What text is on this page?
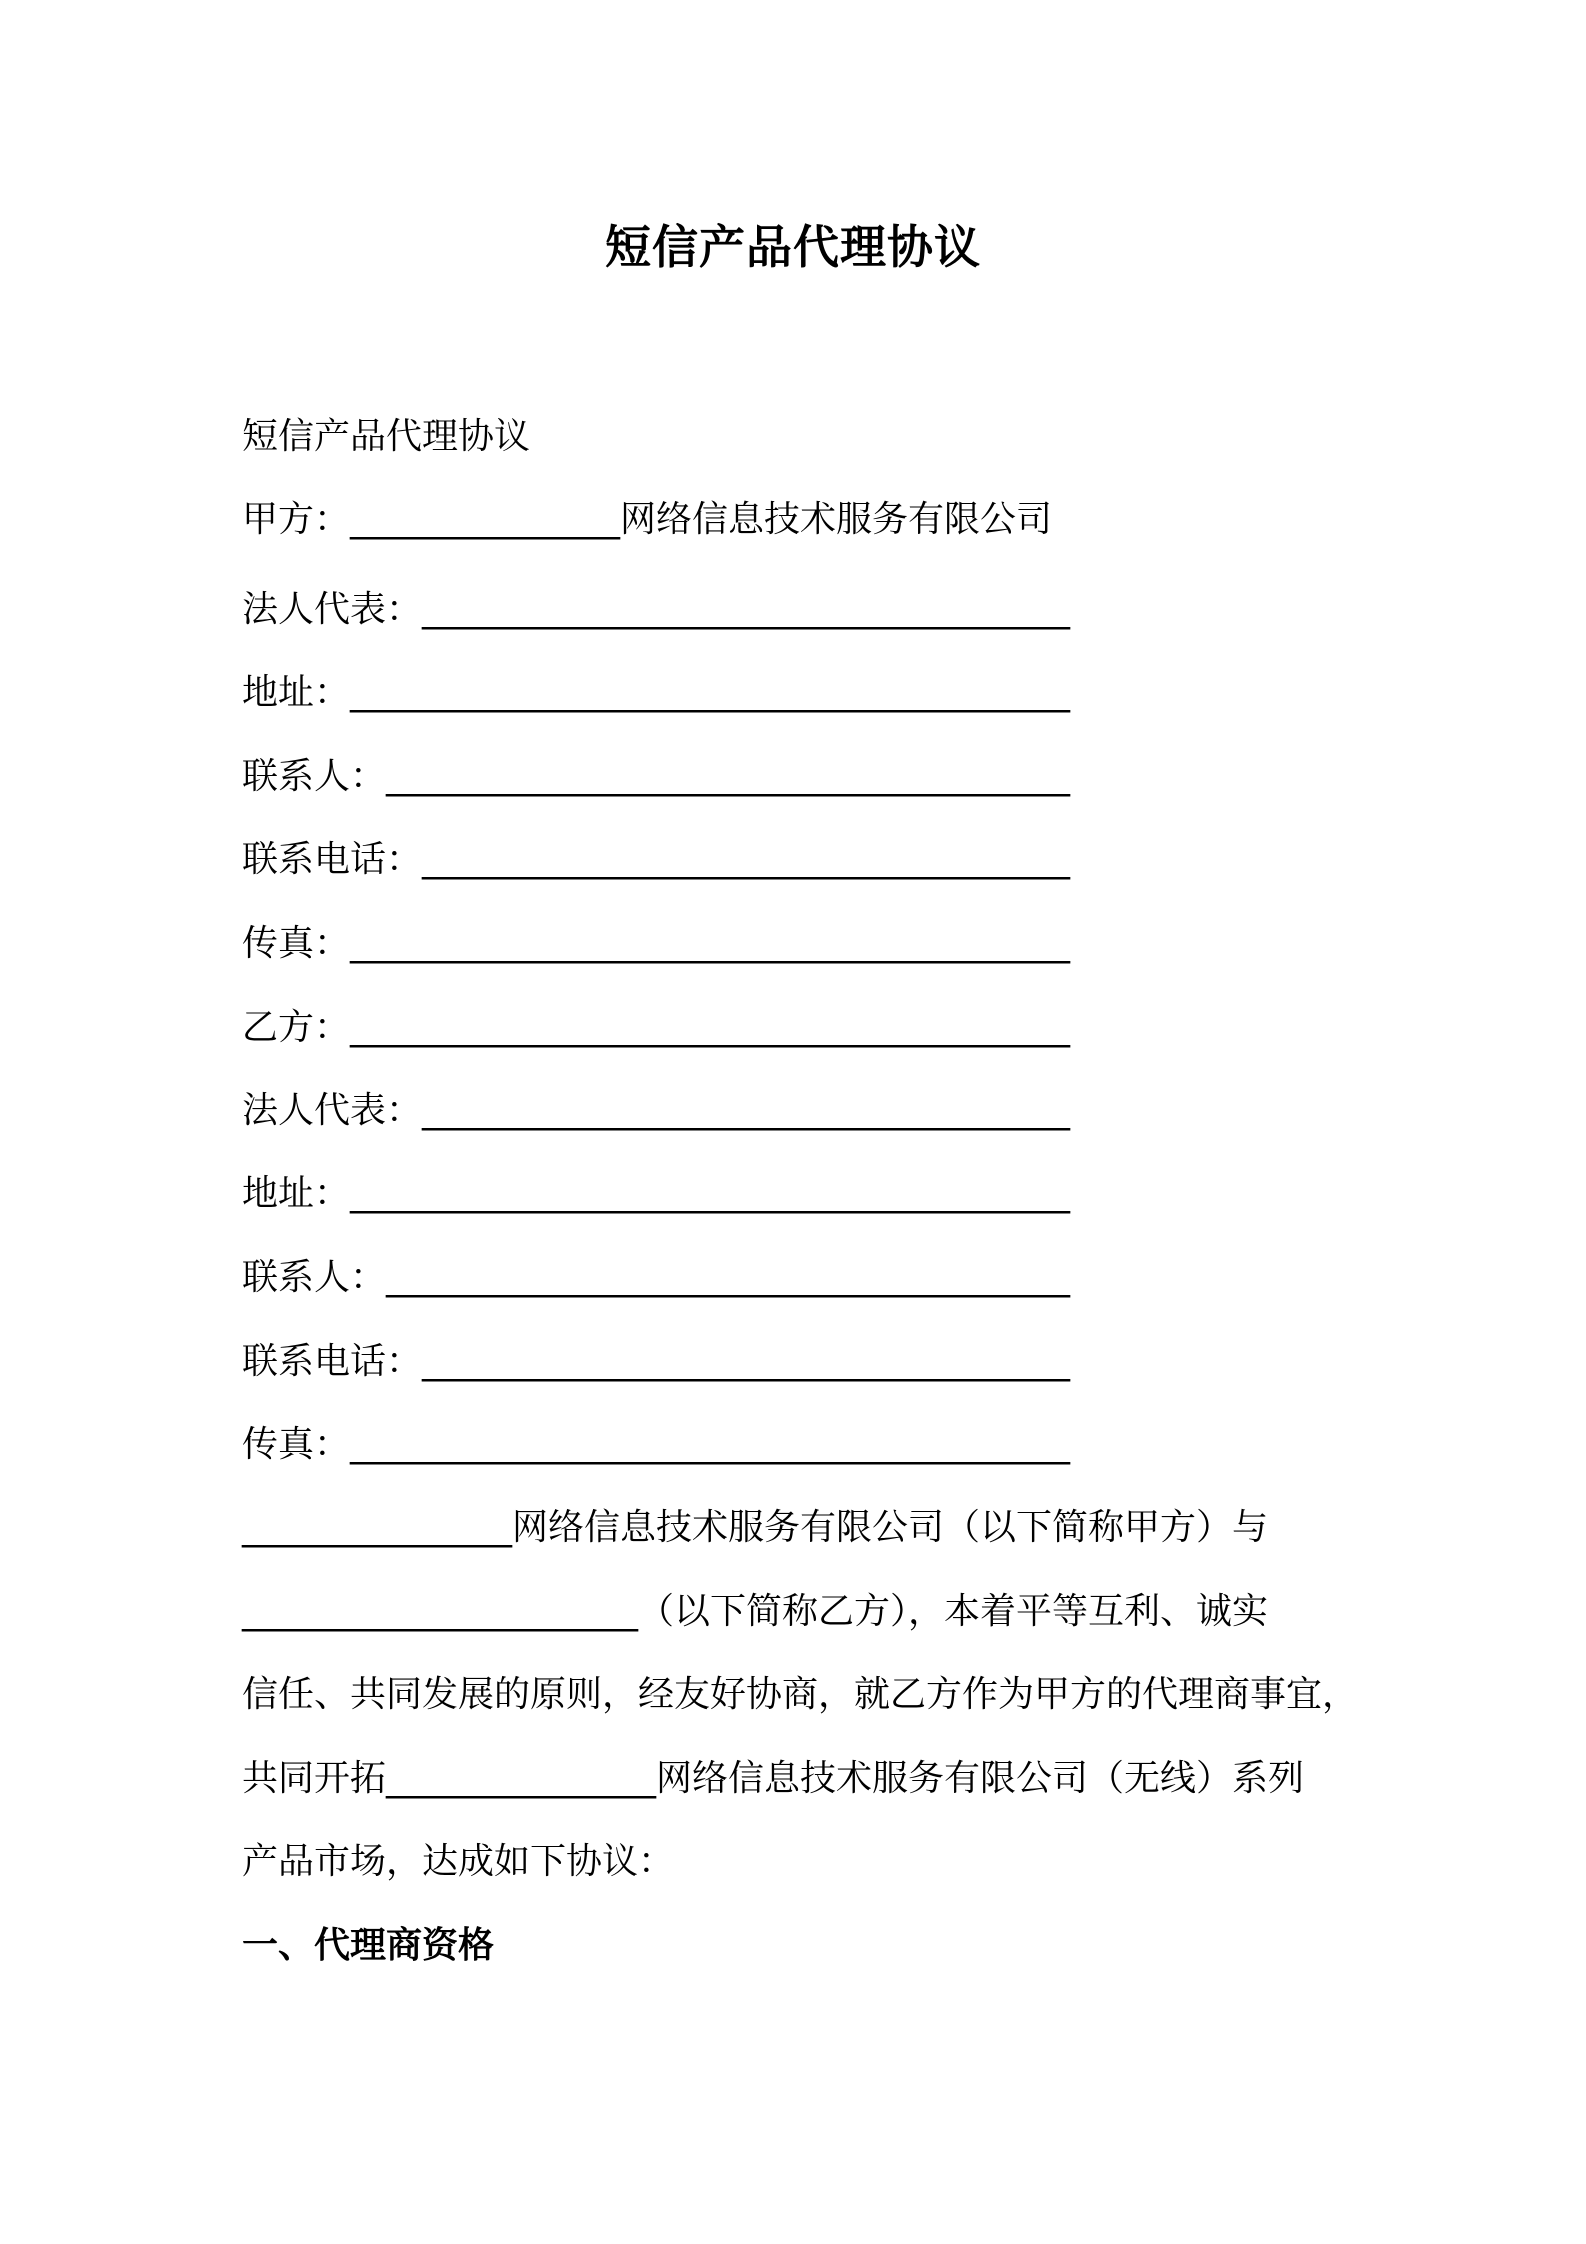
短信产品代理协议
短信产品代理协议
甲方：_______________网络信息技术服务有限公司
法人代表：____________________________________
地址：________________________________________
联系人：______________________________________
联系电话：____________________________________
传真：________________________________________
乙方：________________________________________
法人代表：____________________________________
地址：________________________________________
联系人：______________________________________
联系电话：____________________________________
传真：________________________________________
_______________网络信息技术服务有限公司（以下简称甲方）与
______________________（以下简称乙方），本着平等互利、诚实
信任、共同发展的原则，经友好协商，就乙方作为甲方的代理商事宜，
共同开拓_______________网络信息技术服务有限公司（无线）系列
产品市场，达成如下协议：
一、代理商资格
